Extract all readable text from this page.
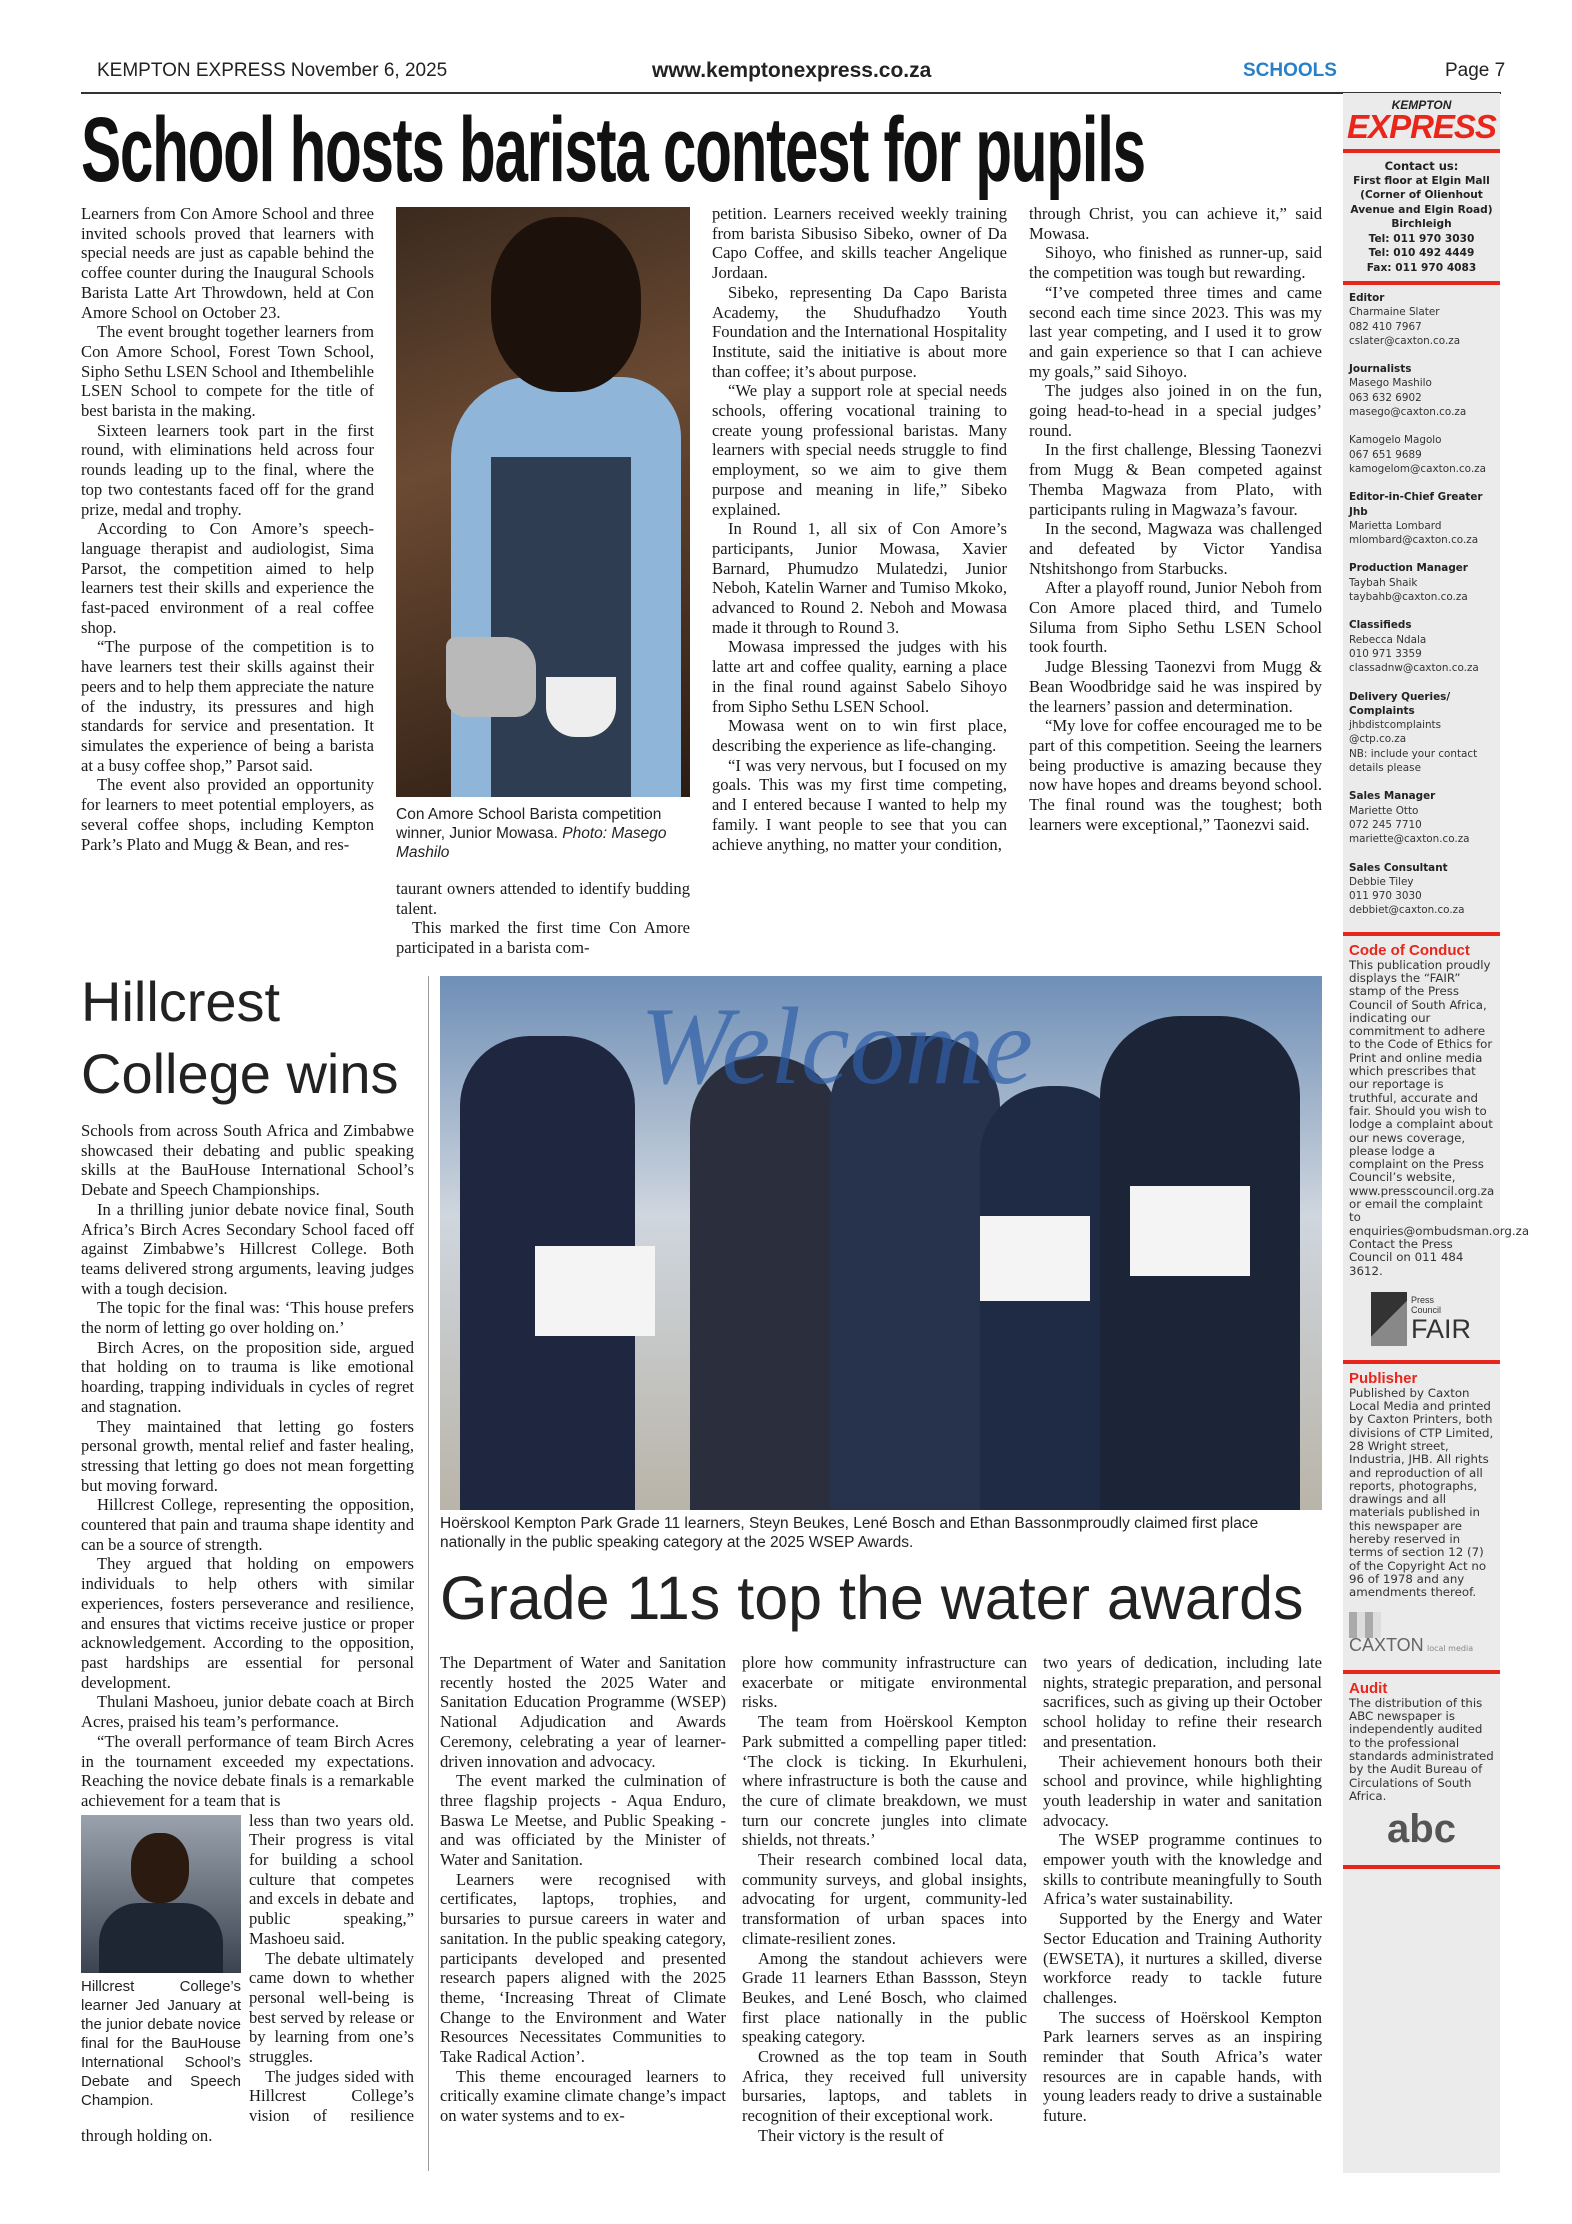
KEMPTON EXPRESS November 6, 2025	www.kemptonexpress.co.za	SCHOOLS	Page 7
School hosts barista contest for pupils

Learners from Con Amore School and three invited schools proved that learners with special needs are just as capable behind the coffee counter during the Inaugural Schools Barista Latte Art Throwdown, held at Con Amore School on October 23.

The event brought together learners from Con Amore School, Forest Town School, Sipho Sethu LSEN School and Ithembelihle LSEN School to compete for the title of best barista in the making.

Sixteen learners took part in the first round, with eliminations held across four rounds leading up to the final, where the top two contestants faced off for the grand prize, medal and trophy.

According to Con Amore’s speech-language therapist and audiologist, Sima Parsot, the competition aimed to help learners test their skills and experience the fast-paced environment of a real coffee shop.

“The purpose of the competition is to have learners test their skills against their peers and to help them appreciate the nature of the industry, its pressures and high standards for service and presentation. It simulates the experience of being a barista at a busy coffee shop,” Parsot said.

The event also provided an opportunity for learners to meet potential employers, as several coffee shops, including Kempton Park’s Plato and Mugg & Bean, and res-

Con Amore School Barista competition winner, Junior Mowasa. Photo: Masego Mashilo

taurant owners attended to identify budding talent.

This marked the first time Con Amore participated in a barista com-

petition. Learners received weekly training from barista Sibusiso Sibeko, owner of Da Capo Coffee, and skills teacher Angelique Jordaan.

Sibeko, representing Da Capo Barista Academy, the Shudufhadzo Youth Foundation and the International Hospitality Institute, said the initiative is about more than coffee; it’s about purpose.

“We play a support role at special needs schools, offering vocational training to create young professional baristas. Many learners with special needs struggle to find employment, so we aim to give them purpose and meaning in life,” Sibeko explained.

In Round 1, all six of Con Amore’s participants, Junior Mowasa, Xavier Barnard, Phumudzo Mulatedzi, Junior Neboh, Katelin Warner and Tumiso Mkoko, advanced to Round 2. Neboh and Mowasa made it through to Round 3.

Mowasa impressed the judges with his latte art and coffee quality, earning a place in the final round against Sabelo Sihoyo from Sipho Sethu LSEN School.

Mowasa went on to win first place, describing the experience as life-changing.

“I was very nervous, but I focused on my goals. This was my first time competing, and I entered because I wanted to help my family. I want people to see that you can achieve anything, no matter your condition,

through Christ, you can achieve it,” said Mowasa.

Sihoyo, who finished as runner-up, said the competition was tough but rewarding.

“I’ve competed three times and came second each time since 2023. This was my last year competing, and I used it to grow and gain experience so that I can achieve my goals,” said Sihoyo.

The judges also joined in on the fun, going head-to-head in a special judges’ round.

In the first challenge, Blessing Taonezvi from Mugg & Bean competed against Themba Magwaza from Plato, with participants ruling in Magwaza’s favour.

In the second, Magwaza was challenged and defeated by Victor Yandisa Ntshitshongo from Starbucks.

After a playoff round, Junior Neboh from Con Amore placed third, and Tumelo Siluma from Sipho Sethu LSEN School took fourth.

Judge Blessing Taonezvi from Mugg & Bean Woodbridge said he was inspired by the learners’ passion and determination.

“My love for coffee encouraged me to be part of this competition. Seeing the learners being productive is amazing because they now have hopes and dreams beyond school. The final round was the toughest; both learners were exceptional,” Taonezvi said.

Hillcrest College wins

Schools from across South Africa and Zimbabwe showcased their debating and public speaking skills at the BauHouse International School’s Debate and Speech Championships.

In a thrilling junior debate novice final, South Africa’s Birch Acres Secondary School faced off against Zimbabwe’s Hillcrest College. Both teams delivered strong arguments, leaving judges with a tough decision.

The topic for the final was: ‘This house prefers the norm of letting go over holding on.’

Birch Acres, on the proposition side, argued that holding on to trauma is like emotional hoarding, trapping individuals in cycles of regret and stagnation.

They maintained that letting go fosters personal growth, mental relief and faster healing, stressing that letting go does not mean forgetting but moving forward.

Hillcrest College, representing the opposition, countered that pain and trauma shape identity and can be a source of strength.

They argued that holding on empowers individuals to help others with similar experiences, fosters perseverance and resilience, and ensures that victims receive justice or proper acknowledgement. According to the opposition, past hardships are essential for personal development.

Thulani Mashoeu, junior debate coach at Birch Acres, praised his team’s performance.

“The overall performance of team Birch Acres in the tournament exceeded my expectations. Reaching the novice debate finals is a remarkable achievement for a team that is

Hillcrest College’s learner Jed January at the junior debate novice final for the BauHouse International School’s Debate and Speech Champion.

less than two years old. Their progress is vital for building a school culture that competes and excels in debate and public speaking,” Mashoeu said.

The debate ultimately came down to whether personal well-being is best served by release or by learning from one’s struggles.

The judges sided with Hillcrest College’s vision of resilience through holding on.

Welcome
Hoërskool Kempton Park Grade 11 learners, Steyn Beukes, Lené Bosch and Ethan Bassonmproudly claimed first place nationally in the public speaking category at the 2025 WSEP Awards.
Grade 11s top the water awards

The Department of Water and Sanitation recently hosted the 2025 Water and Sanitation Education Programme (WSEP) National Adjudication and Awards Ceremony, celebrating a year of learner-driven innovation and advocacy.

The event marked the culmination of three flagship projects - Aqua Enduro, Baswa Le Meetse, and Public Speaking - and was officiated by the Minister of Water and Sanitation.

Learners were recognised with certificates, laptops, trophies, and bursaries to pursue careers in water and sanitation. In the public speaking category, participants developed and presented research papers aligned with the 2025 theme, ‘Increasing Threat of Climate Change to the Environment and Water Resources Necessitates Communities to Take Radical Action’.

This theme encouraged learners to critically examine climate change’s impact on water systems and to ex-

plore how community infrastructure can exacerbate or mitigate environmental risks.

The team from Hoërskool Kempton Park submitted a compelling paper titled: ‘The clock is ticking. In Ekurhuleni, where infrastructure is both the cause and the cure of climate breakdown, we must turn our concrete jungles into climate shields, not threats.’

Their research combined local data, community surveys, and global insights, advocating for urgent, community-led transformation of urban spaces into climate-resilient zones.

Among the standout achievers were Grade 11 learners Ethan Bassson, Steyn Beukes, and Lené Bosch, who claimed first place nationally in the public speaking category.

Crowned as the top team in South Africa, they received full university bursaries, laptops, and tablets in recognition of their exceptional work.

Their victory is the result of

two years of dedication, including late nights, strategic preparation, and personal sacrifices, such as giving up their October school holiday to refine their research and presentation.

Their achievement honours both their school and province, while highlighting youth leadership in water and sanitation advocacy.

The WSEP programme continues to empower youth with the knowledge and skills to contribute meaningfully to South Africa’s water sustainability.

Supported by the Energy and Water Sector Education and Training Authority (EWSETA), it nurtures a skilled, diverse workforce ready to tackle future challenges.

The success of Hoërskool Kempton Park learners serves as an inspiring reminder that South Africa’s water resources are in capable hands, with young leaders ready to drive a sustainable future.

KEMPTON
EXPRESS
Contact us:
First floor at Elgin Mall
(Corner of Olienhout
Avenue and Elgin Road)
Birchleigh
Tel: 011 970 3030
Tel: 010 492 4449
Fax: 011 970 4083
Editor
Charmaine Slater
082 410 7967
cslater@caxton.co.za
Journalists
Masego Mashilo
063 632 6902
masego@caxton.co.za
Kamogelo Magolo
067 651 9689
kamogelom@caxton.co.za
Editor-in-Chief Greater Jhb
Marietta Lombard
mlombard@caxton.co.za
Production Manager
Taybah Shaik
taybahb@caxton.co.za
Classifieds
Rebecca Ndala
010 971 3359
classadnw@caxton.co.za
Delivery Queries/ Complaints
jhbdistcomplaints
@ctp.co.za
NB: include your contact details please
Sales Manager
Mariette Otto
072 245 7710
mariette@caxton.co.za
Sales Consultant
Debbie Tiley
011 970 3030
debbiet@caxton.co.za
Code of Conduct
This publication proudly displays the “FAIR” stamp of the Press Council of South Africa, indicating our commitment to adhere to the Code of Ethics for Print and online media which prescribes that our reportage is truthful, accurate and fair. Should you wish to lodge a complaint about our news coverage, please lodge a complaint on the Press Council’s website, www.presscouncil.org.za or email the complaint to enquiries@ombudsman.org.za Contact the Press Council on 011 484 3612.
Press Council
FAIR
Publisher
Published by Caxton Local Media and printed by Caxton Printers, both divisions of CTP Limited, 28 Wright street, Industria, JHB. All rights and reproduction of all reports, photographs, drawings and all materials published in this newspaper are hereby reserved in terms of section 12 (7) of the Copyright Act no 96 of 1978 and any amendments thereof.
CAXTON local media
Audit
The distribution of this ABC newspaper is independently audited to the professional standards administrated by the Audit Bureau of Circulations of South Africa.
abc
